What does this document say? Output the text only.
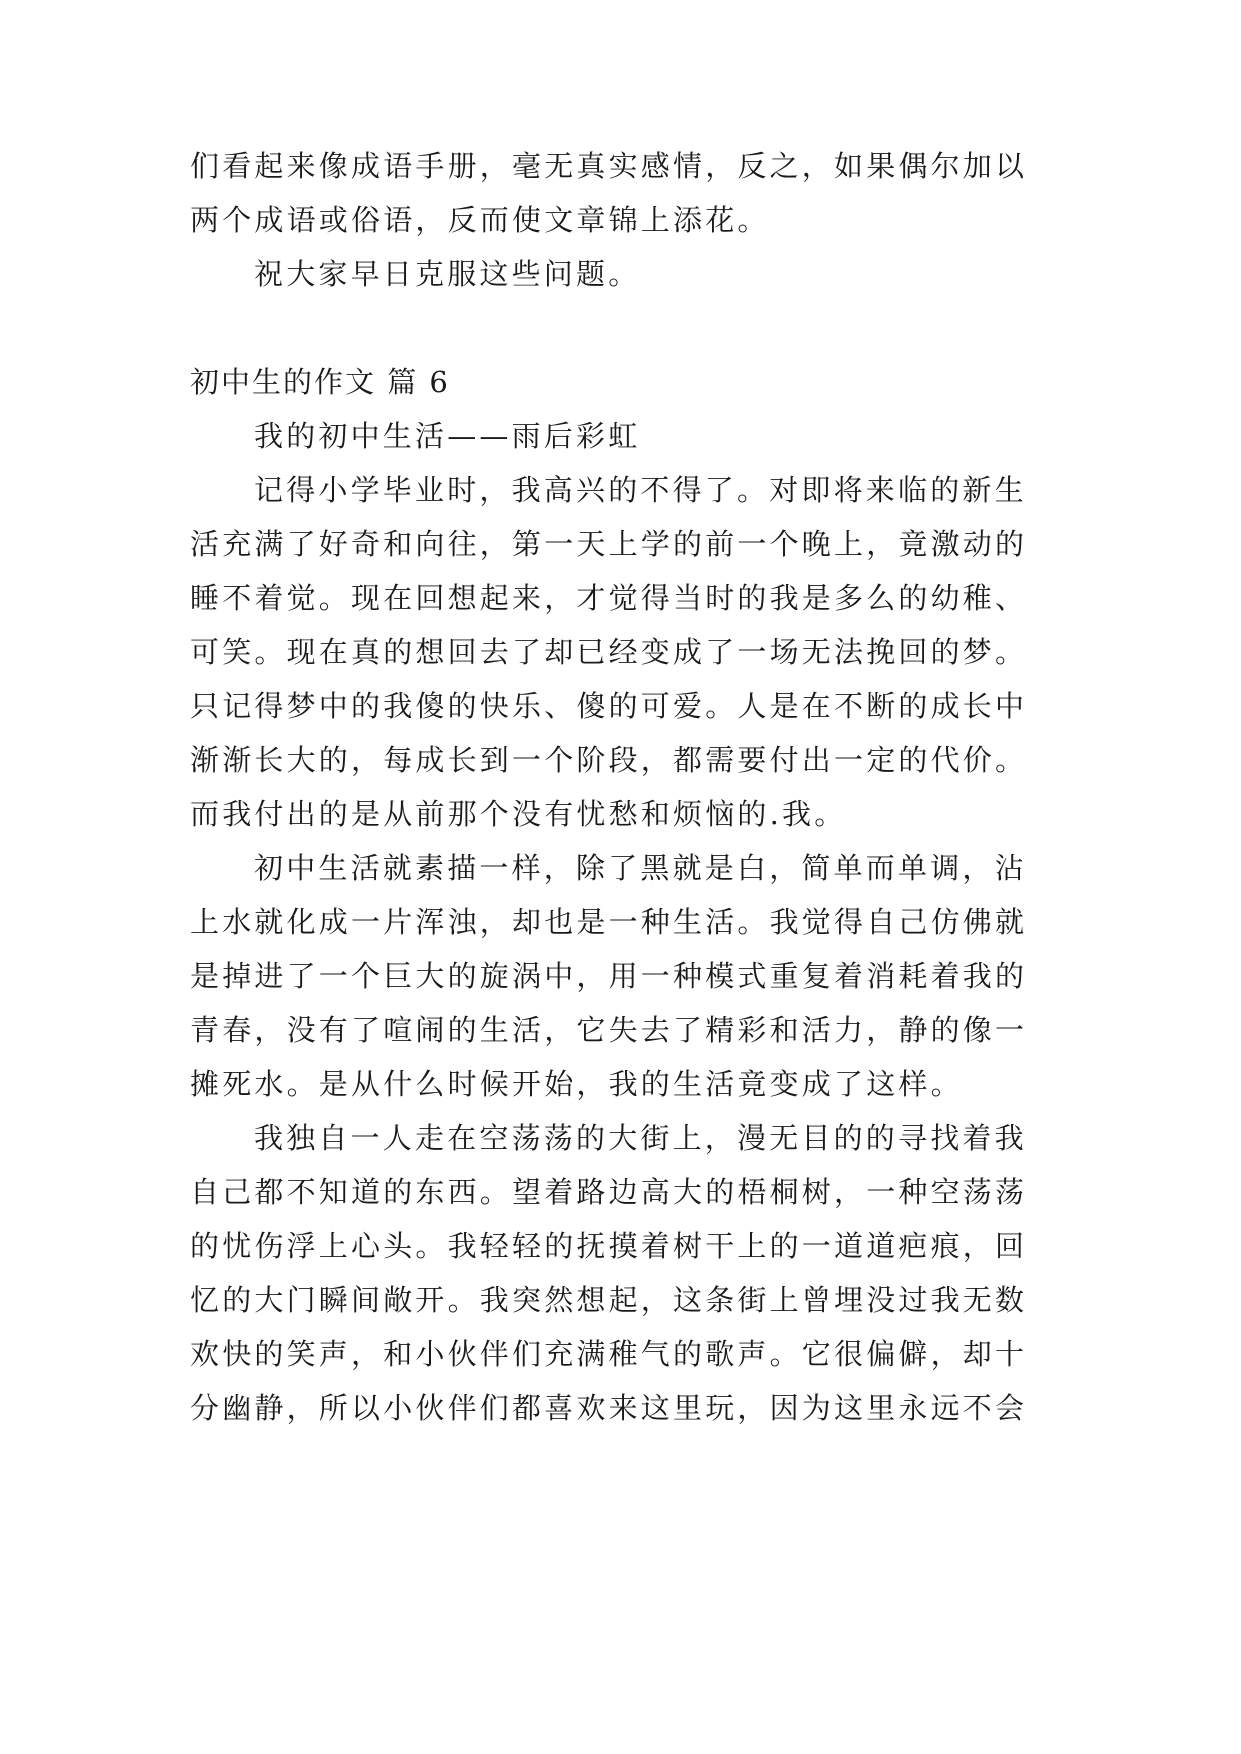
们看起来像成语手册，毫无真实感情，反之，如果偶尔加以
两个成语或俗语，反而使文章锦上添花。
祝大家早日克服这些问题。
初中生的作文 篇 6
我的初中生活——雨后彩虹
记得小学毕业时，我高兴的不得了。对即将来临的新生
活充满了好奇和向往，第一天上学的前一个晚上，竟激动的
睡不着觉。现在回想起来，才觉得当时的我是多么的幼稚、
可笑。现在真的想回去了却已经变成了一场无法挽回的梦。
只记得梦中的我傻的快乐、傻的可爱。人是在不断的成长中
渐渐长大的，每成长到一个阶段，都需要付出一定的代价。
而我付出的是从前那个没有忧愁和烦恼的.我。
初中生活就素描一样，除了黑就是白，简单而单调，沾
上水就化成一片浑浊，却也是一种生活。我觉得自己仿佛就
是掉进了一个巨大的旋涡中，用一种模式重复着消耗着我的
青春，没有了喧闹的生活，它失去了精彩和活力，静的像一
摊死水。是从什么时候开始，我的生活竟变成了这样。
我独自一人走在空荡荡的大街上，漫无目的的寻找着我
自己都不知道的东西。望着路边高大的梧桐树，一种空荡荡
的忧伤浮上心头。我轻轻的抚摸着树干上的一道道疤痕，回
忆的大门瞬间敞开。我突然想起，这条街上曾埋没过我无数
欢快的笑声，和小伙伴们充满稚气的歌声。它很偏僻，却十
分幽静，所以小伙伴们都喜欢来这里玩，因为这里永远不会
